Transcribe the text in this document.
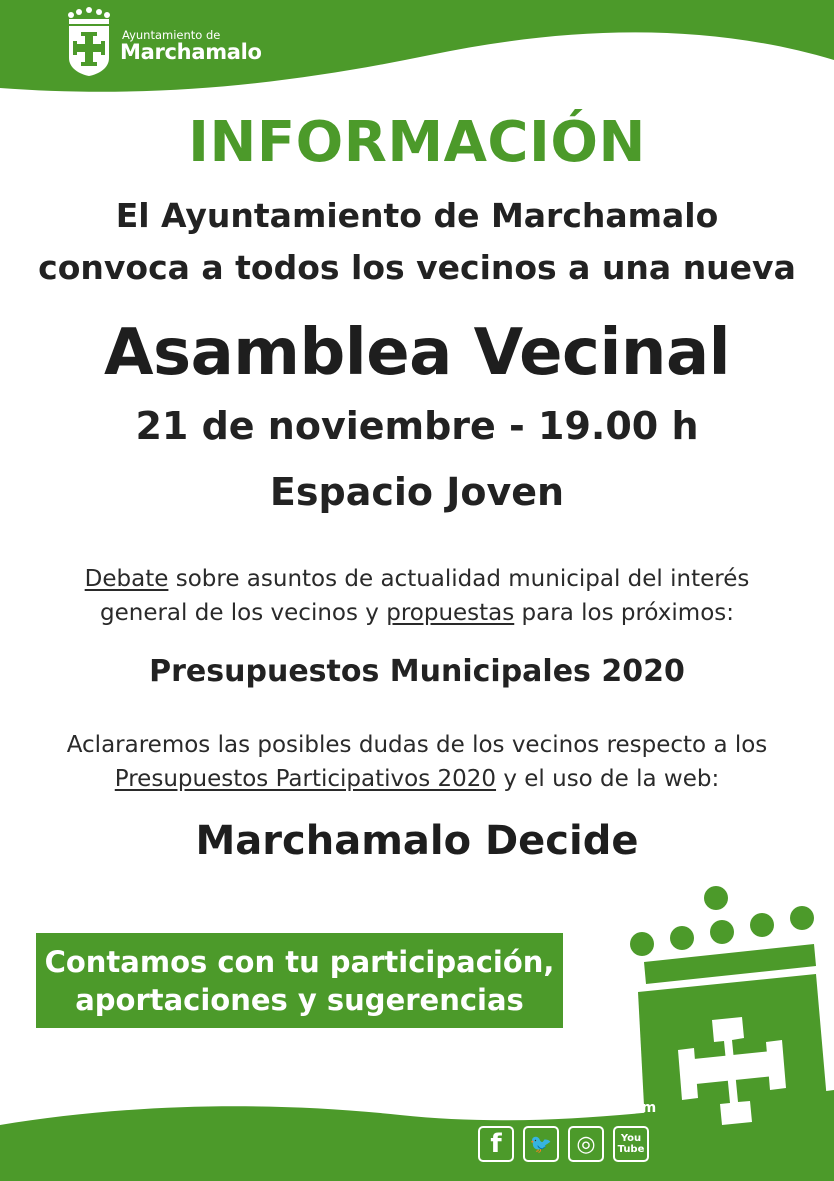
Ayuntamiento de
Marchamalo
INFORMACIÓN
El Ayuntamiento de Marchamalo
convoca a todos los vecinos a una nueva
Asamblea Vecinal
21 de noviembre - 19.00 h
Espacio Joven
Debate sobre asuntos de actualidad municipal del interés
general de los vecinos y propuestas para los próximos:
Presupuestos Municipales 2020
Aclararemos las posibles dudas de los vecinos respecto a los
Presupuestos Participativos 2020 y el uso de la web:
Marchamalo Decide
Contamos con tu participación,
aportaciones y sugerencias
www.marchamalo.com
f 🐦 ◎	You
Tube
